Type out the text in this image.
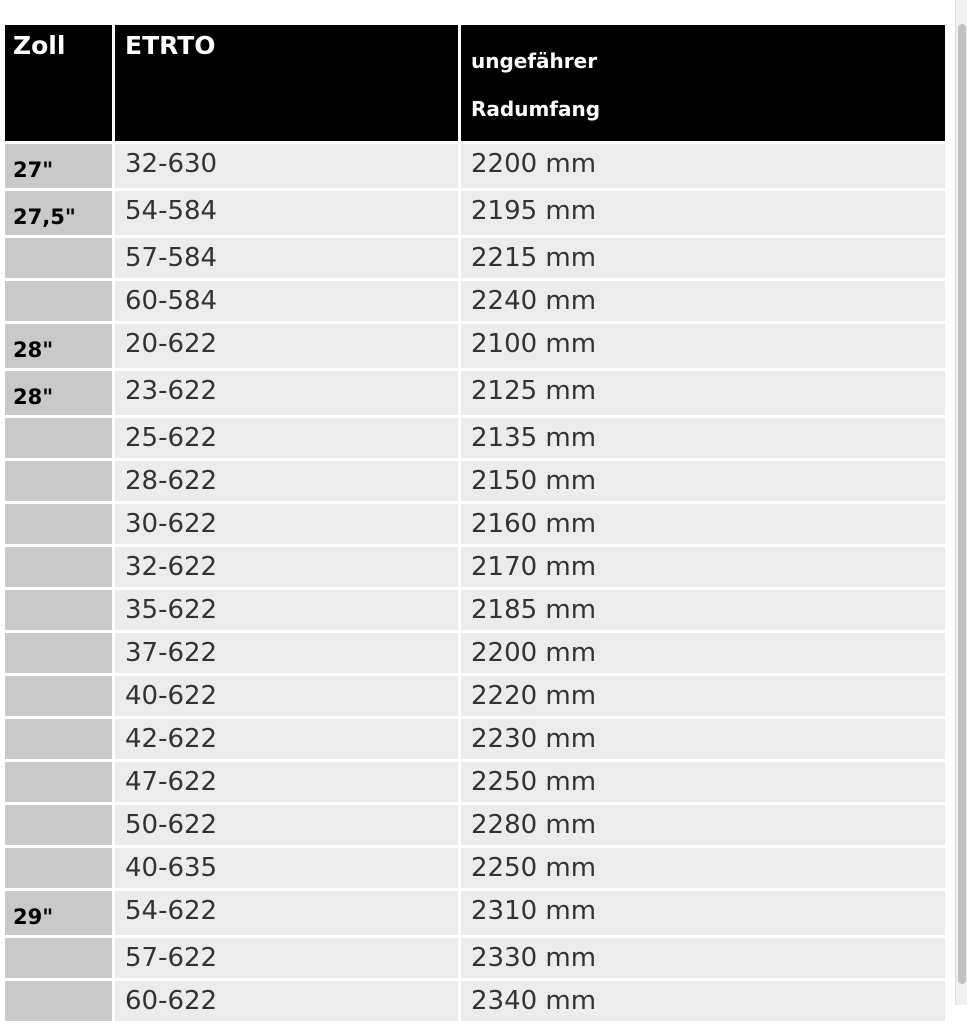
Zoll	ETRTO	ungefährer
Radumfang

27"	32-630	2200 mm
27,5"	54-584	2195 mm
	57-584	2215 mm
	60-584	2240 mm
28"	20-622	2100 mm
28"	23-622	2125 mm
	25-622	2135 mm
	28-622	2150 mm
	30-622	2160 mm
	32-622	2170 mm
	35-622	2185 mm
	37-622	2200 mm
	40-622	2220 mm
	42-622	2230 mm
	47-622	2250 mm
	50-622	2280 mm
	40-635	2250 mm
29"	54-622	2310 mm
	57-622	2330 mm
	60-622	2340 mm
